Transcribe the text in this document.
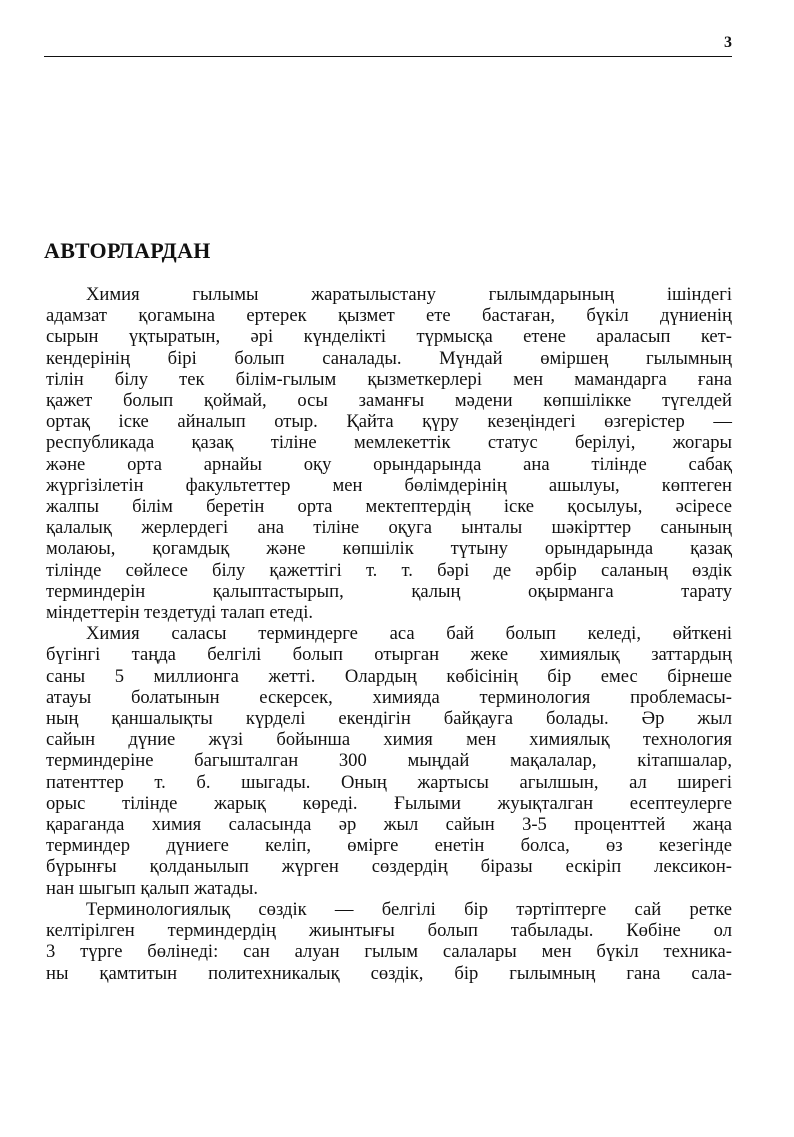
3
АВТОРЛАРДАН

Химия гылымы жаратылыстану гылымдарының ішіндегі
адамзат қогамына ертерек қызмет ете бастаған, бүкіл дүниенің
сырын үқтыратын, әрі күнделікті түрмысқа етене араласып кет-
кендерінің бірі болып саналады. Мүндай өміршең гылымның
тілін білу тек білім-гылым қызметкерлері мен мамандарга ғана
қажет болып қоймай, осы заманғы мәдени көпшілікке түгелдей
ортақ іске айналып отыр. Қайта қүру кезеңіндегі өзгерістер —
республикада қазақ тіліне мемлекеттік статус берілуі, жогары
және орта арнайы оқу орындарында ана тілінде сабақ
жүргізілетін факультеттер мен бөлімдерінің ашылуы, көптеген
жалпы білім беретін орта мектептердің іске қосылуы, әсіресе
қалалық жерлердегі ана тіліне оқуга ынталы шәкірттер санының
молаюы, қогамдық және көпшілік түтыну орындарында қазақ
тілінде сөйлесе білу қажеттігі т. т. бәрі де әрбір саланың өздік
терминдерін қалыптастырып, қалың оқырманга тарату
міндеттерін тездетуді талап етеді.

Химия саласы терминдерге аса бай болып келеді, өйткені
бүгінгі таңда белгілі болып отырган жеке химиялық заттардың
саны 5 миллионга жетті. Олардың көбісінің бір емес бірнеше
атауы болатынын ескерсек, химияда терминология проблемасы-
ның қаншалықты күрделі екендігін байқауга болады. Әр жыл
сайын дүние жүзі бойынша химия мен химиялық технология
терминдеріне багышталган 300 мыңдай мақалалар, кітапшалар,
патенттер т. б. шыгады. Оның жартысы агылшын, ал ширегі
орыс тілінде жарық көреді. Ғылыми жуықталган есептеулерге
қараганда химия саласында әр жыл сайын 3-5 проценттей жаңа
терминдер дүниеге келіп, өмірге енетін болса, өз кезегінде
бүрынғы қолданылып жүрген сөздердің біразы ескіріп лексикон-
нан шыгып қалып жатады.

Терминологиялық сөздік — белгілі бір тәртіптерге сай ретке
келтірілген терминдердің жиынтығы болып табылады. Көбіне ол
3 түрге бөлінеді: сан алуан гылым салалары мен бүкіл техника-
ны қамтитын политехникалық сөздік, бір гылымның гана сала-
